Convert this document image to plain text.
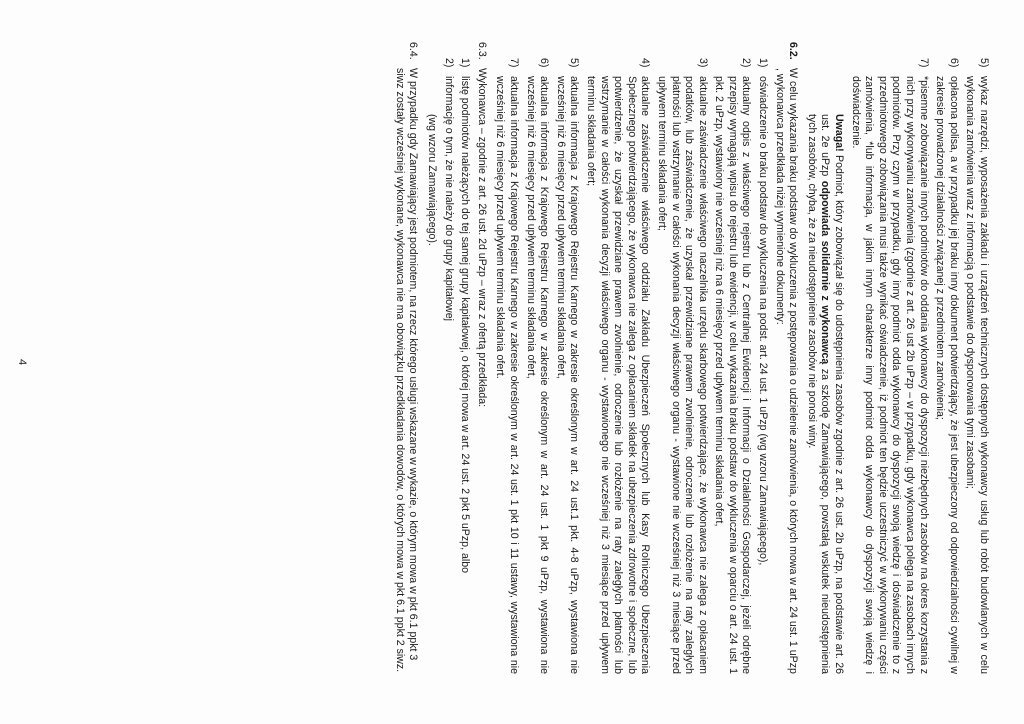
5)
wykaz narzędzi, wyposażenia zakładu i urządzeń technicznych dostępnych wykonawcy usług lub robót budowlanych w celu wykonania zamówienia wraz z informacją o podstawie do dysponowania tymi zasobami;
6)
opłacona polisa, a w przypadku jej braku inny dokument potwierdzający, że jest ubezpieczony od odpowiedzialności cywilnej w zakresie prowadzonej działalności związanej z przedmiotem zamówienia;
7)
*pisemne zobowiązanie innych podmiotów do oddania wykonawcy do dyspozycji niezbędnych zasobów na okres korzystania z nich przy wykonywaniu zamówienia (zgodnie z art. 26 ust 2b uPzp – w przypadku, gdy wykonawca polega na zasobach innych podmiotów. Przy czym w przypadku, gdy inny podmiot odda wykonawcy do dyspozycji swoją wiedzę i doświadczenie to z przedmiotowego zobowiązania musi także wynikać oświadczenie, iż podmiot ten będzie uczestniczyć w wykonywaniu części zamówienia, *lub informacja, w jakim innym charakterze inny podmiot odda wykonawcy do dyspozycji swoją wiedzę i doświadczenie.
Uwaga! Podmiot, który zobowiązał się do udostępnienia zasobów zgodnie z art. 26 ust. 2b uPzp, na podstawie art. 26 ust. 2e uPzp odpowiada solidarnie z wykonawcą za szkodę Zamawiającego, powstałą wskutek nieudostępnienia tych zasobów, chyba, że za nieudostępnienie zasobów nie ponosi winy.
6.2.
W celu wykazania braku podstaw do wykluczenia z postępowania o udzielenie zamówienia, o których mowa w art. 24 ust. 1 uPzp , wykonawca przedkłada niżej wymienione dokumenty:
1)
oświadczenie o braku podstaw do wykluczenia na podst. art. 24 ust. 1 uPzp (wg wzoru Zamawiającego),
2)
aktualny odpis z właściwego rejestru lub z Centralnej Ewidencji i Informacji o Działalności Gospodarczej, jeżeli odrębne przepisy wymagają wpisu do rejestru lub ewidencji, w celu wykazania braku podstaw do wykluczenia w oparciu o art. 24 ust. 1 pkt. 2 uPzp, wystawiony nie wcześniej niż na 6 miesięcy przed upływem terminu składania ofert,
3)
aktualne zaświadczenie właściwego naczelnika urzędu skarbowego potwierdzające, że wykonawca nie zalega z opłacaniem podatków, lub zaświadczenie, że uzyskał przewidziane prawem zwolnienie, odroczenie lub rozłożenie na raty zaległych płatności lub wstrzymanie w całości wykonania decyzji właściwego organu - wystawione nie wcześniej niż 3 miesiące przed upływem terminu składania ofert;
4)
aktualne zaświadczenie właściwego oddziału Zakładu Ubezpieczeń Społecznych lub Kasy Rolniczego Ubezpieczenia Społecznego potwierdzającego, że wykonawca nie zalega z opłacaniem składek na ubezpieczenia zdrowotne i społeczne, lub potwierdzenie, że uzyskał przewidziane prawem zwolnienie, odroczenie lub rozłożenie na raty zaległych płatności lub wstrzymanie w całości wykonania decyzji właściwego organu - wystawionego nie wcześniej niż 3 miesiące przed upływem terminu składania ofert;
5)
aktualna informacja z Krajowego Rejestru Karnego w zakresie określonym w art. 24 ust.1 pkt. 4-8 uPzp, wystawiona nie wcześniej niż 6 miesięcy przed upływem terminu składania ofert,
6)
aktualna informacja z Krajowego Rejestru Karnego w zakresie określonym w art. 24 ust. 1 pkt 9 uPzp, wystawiona nie wcześniej niż 6 miesięcy przed upływem terminu składania ofert,
7)
aktualna informacja z Krajowego Rejestru Karnego w zakresie określonym w art. 24 ust. 1 pkt 10 i 11 ustawy, wystawiona nie wcześniej niż 6 miesięcy przed upływem terminu składania ofert.
6.3.
Wykonawca – zgodnie z art. 26 ust. 2d uPzp – wraz z ofertą przedkłada:
1)
listę podmiotów należących do tej samej grupy kapitałowej, o której mowa w art. 24 ust. 2 pkt 5 uPzp, albo
2)
informację o tym, że nie należy do grupy kapitałowej
(wg wzoru Zamawiającego).
6.4.
W przypadku gdy Zamawiający jest podmiotem, na rzecz którego usługi wskazane w wykazie, o którym mowa w pkt 6.1 ppkt 3 siwz zostały wcześniej wykonane, wykonawca nie ma obowiązku przedkładania dowodów, o których mowa w pkt 6.1 ppkt 2 siwz.
4
